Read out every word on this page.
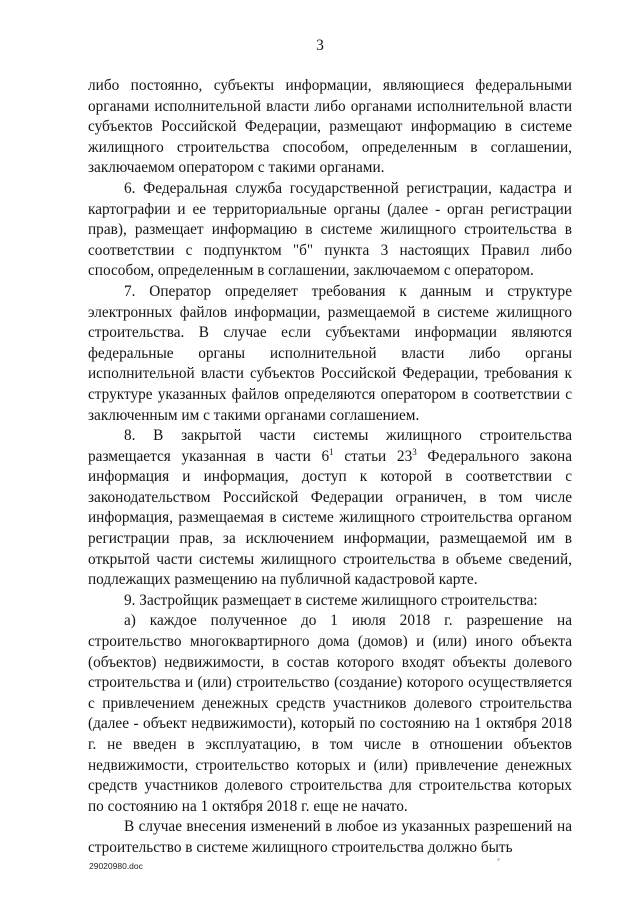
3

либо постоянно, субъекты информации, являющиеся федеральными органами исполнительной власти либо органами исполнительной власти субъектов Российской Федерации, размещают информацию в системе жилищного строительства способом, определенным в соглашении, заключаемом оператором с такими органами.

6. Федеральная служба государственной регистрации, кадастра и картографии и ее территориальные органы (далее - орган регистрации прав), размещает информацию в системе жилищного строительства в соответствии с подпунктом "б" пункта 3 настоящих Правил либо способом, определенным в соглашении, заключаемом с оператором.

7. Оператор определяет требования к данным и структуре электронных файлов информации, размещаемой в системе жилищного строительства. В случае если субъектами информации являются федеральные органы исполнительной власти либо органы исполнительной власти субъектов Российской Федерации, требования к структуре указанных файлов определяются оператором в соответствии с заключенным им с такими органами соглашением.

8. В закрытой части системы жилищного строительства размещается указанная в части $6^1$ статьи $23^3$ Федерального закона информация и информация, доступ к которой в соответствии с законодательством Российской Федерации ограничен, в том числе информация, размещаемая в системе жилищного строительства органом регистрации прав, за исключением информации, размещаемой им в открытой части системы жилищного строительства в объеме сведений, подлежащих размещению на публичной кадастровой карте.

9. Застройщик размещает в системе жилищного строительства:

а) каждое полученное до 1 июля 2018 г. разрешение на строительство многоквартирного дома (домов) и (или) иного объекта (объектов) недвижимости, в состав которого входят объекты долевого строительства и (или) строительство (создание) которого осуществляется с привлечением денежных средств участников долевого строительства (далее - объект недвижимости), который по состоянию на 1 октября 2018 г. не введен в эксплуатацию, в том числе в отношении объектов недвижимости, строительство которых и (или) привлечение денежных средств участников долевого строительства для строительства которых по состоянию на 1 октября 2018 г. еще не начато.

В случае внесения изменений в любое из указанных разрешений на строительство в системе жилищного строительства должно быть

29020980.doc
